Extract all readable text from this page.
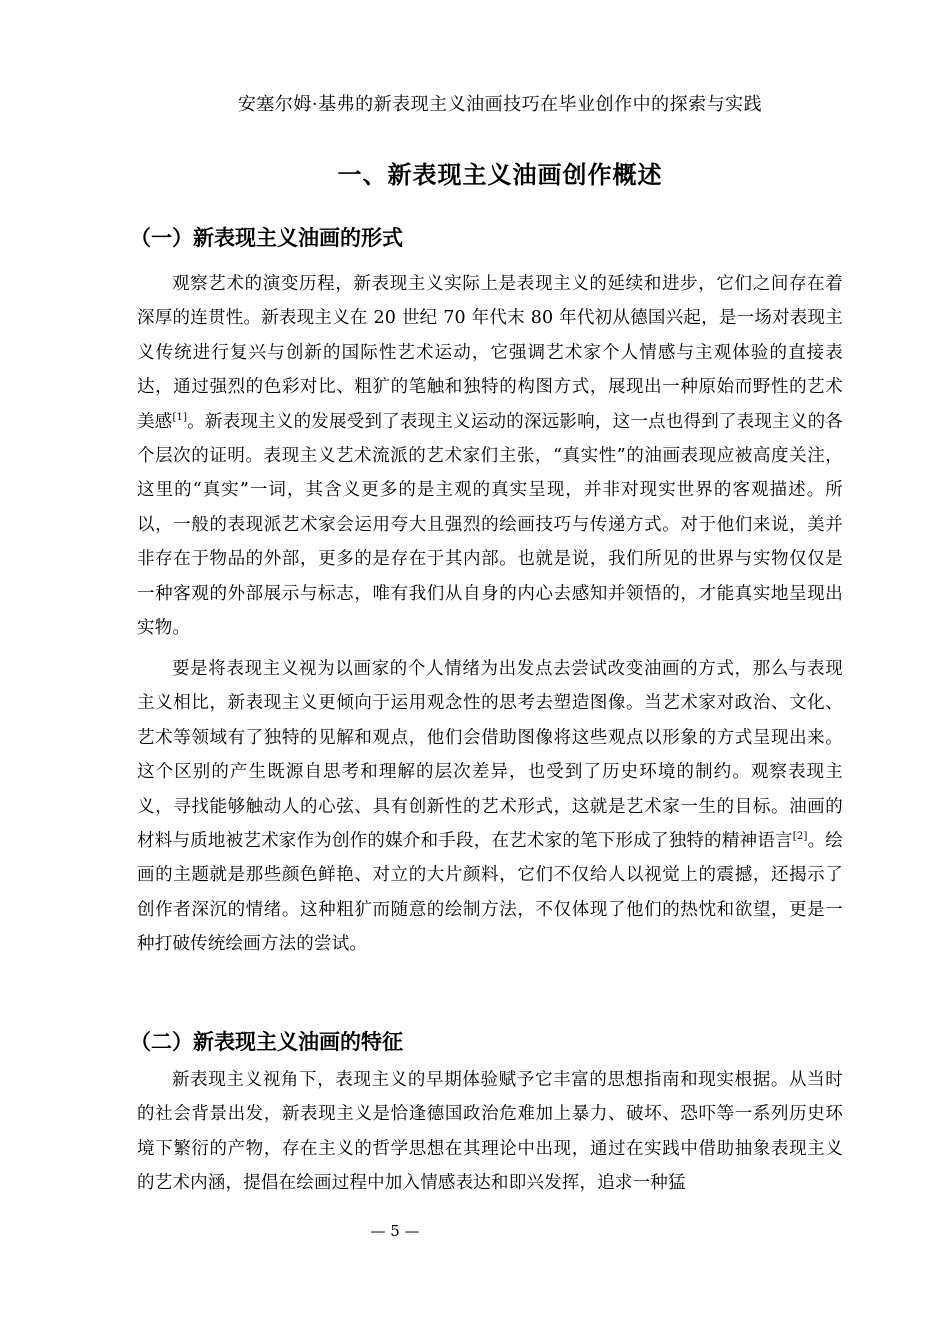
安塞尔姆·基弗的新表现主义油画技巧在毕业创作中的探索与实践
一、新表现主义油画创作概述
（一）新表现主义油画的形式

观察艺术的演变历程，新表现主义实际上是表现主义的延续和进步，它们之间存在着深厚的连贯性。新表现主义在 20 世纪 70 年代末 80 年代初从德国兴起，是一场对表现主义传统进行复兴与创新的国际性艺术运动，它强调艺术家个人情感与主观体验的直接表达，通过强烈的色彩对比、粗犷的笔触和独特的构图方式，展现出一种原始而野性的艺术美感[1]。新表现主义的发展受到了表现主义运动的深远影响，这一点也得到了表现主义的各个层次的证明。表现主义艺术流派的艺术家们主张，“真实性”的油画表现应被高度关注，这里的“真实”一词，其含义更多的是主观的真实呈现，并非对现实世界的客观描述。所以，一般的表现派艺术家会运用夸大且强烈的绘画技巧与传递方式。对于他们来说，美并非存在于物品的外部，更多的是存在于其内部。也就是说，我们所见的世界与实物仅仅是一种客观的外部展示与标志，唯有我们从自身的内心去感知并领悟的，才能真实地呈现出实物。

要是将表现主义视为以画家的个人情绪为出发点去尝试改变油画的方式，那么与表现主义相比，新表现主义更倾向于运用观念性的思考去塑造图像。当艺术家对政治、文化、艺术等领域有了独特的见解和观点，他们会借助图像将这些观点以形象的方式呈现出来。这个区别的产生既源自思考和理解的层次差异，也受到了历史环境的制约。观察表现主义，寻找能够触动人的心弦、具有创新性的艺术形式，这就是艺术家一生的目标。油画的材料与质地被艺术家作为创作的媒介和手段，在艺术家的笔下形成了独特的精神语言[2]。绘画的主题就是那些颜色鲜艳、对立的大片颜料，它们不仅给人以视觉上的震撼，还揭示了创作者深沉的情绪。这种粗犷而随意的绘制方法，不仅体现了他们的热忱和欲望，更是一种打破传统绘画方法的尝试。

（二）新表现主义油画的特征

新表现主义视角下，表现主义的早期体验赋予它丰富的思想指南和现实根据。从当时的社会背景出发，新表现主义是恰逢德国政治危难加上暴力、破坏、恐吓等一系列历史环境下繁衍的产物，存在主义的哲学思想在其理论中出现，通过在实践中借助抽象表现主义的艺术内涵，提倡在绘画过程中加入情感表达和即兴发挥，追求一种猛

— 5 —
